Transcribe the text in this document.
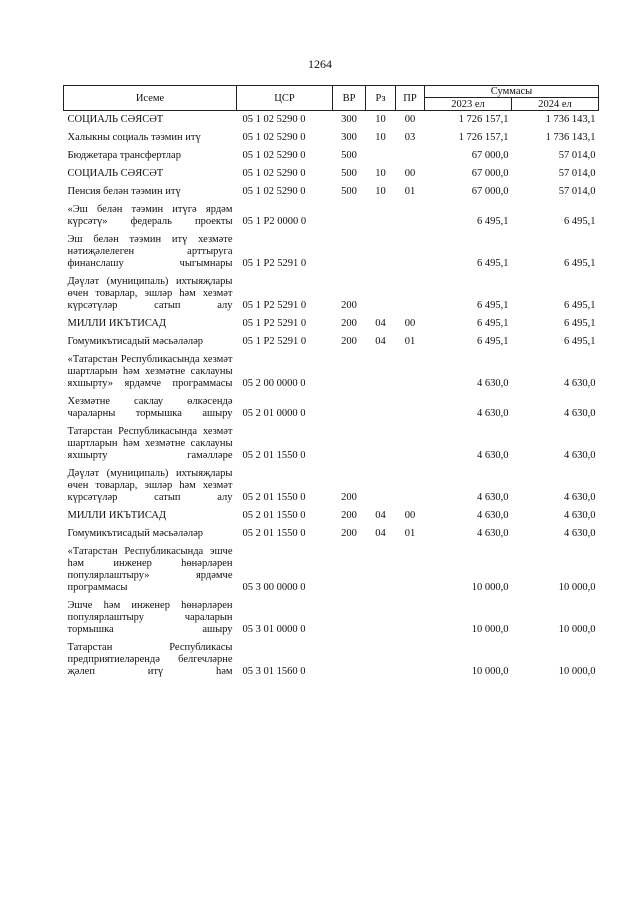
1264
Исеме	ЦСР	ВР	Рз	ПР	Суммасы	
					2023 ел	2024 ел
СОЦИАЛЬ СӘЯСӘТ	05 1 02 5290 0	300	10	00	1 726 157,1	1 736 143,1
Халыкны социаль тәэмин итү	05 1 02 5290 0	300	10	03	1 726 157,1	1 736 143,1
Бюджетара трансфертлар	05 1 02 5290 0	500			67 000,0	57 014,0
СОЦИАЛЬ СӘЯСӘТ	05 1 02 5290 0	500	10	00	67 000,0	57 014,0
Пенсия белән тәэмин итү	05 1 02 5290 0	500	10	01	67 000,0	57 014,0
«Эш белән тәэмин итүгә ярдәм күрсәтү» федераль проекты	05 1 Р2 0000 0				6 495,1	6 495,1
Эш белән тәэмин итү хезмәте нәтиҗәлелеген арттыруга финанслашу чыгымнары	05 1 Р2 5291 0				6 495,1	6 495,1
Дәүләт (муниципаль) ихтыяҗлары өчен товарлар, эшләр һәм хезмәт күрсәтүләр сатып алу	05 1 Р2 5291 0	200			6 495,1	6 495,1
МИЛЛИ ИКЪТИСАД	05 1 Р2 5291 0	200	04	00	6 495,1	6 495,1
Гомумикътисадый мәсьәләләр	05 1 Р2 5291 0	200	04	01	6 495,1	6 495,1
«Татарстан Республикасында хезмәт шартларын һәм хезмәтне саклауны яхшырту» ярдәмче программасы	05 2 00 0000 0				4 630,0	4 630,0
Хезмәтне саклау өлкәсендә чараларны тормышка ашыру	05 2 01 0000 0				4 630,0	4 630,0
Татарстан Республикасында хезмәт шартларын һәм хезмәтне саклауны яхшырту гамәлләре	05 2 01 1550 0				4 630,0	4 630,0
Дәүләт (муниципаль) ихтыяҗлары өчен товарлар, эшләр һәм хезмәт күрсәтүләр сатып алу	05 2 01 1550 0	200			4 630,0	4 630,0
МИЛЛИ ИКЪТИСАД	05 2 01 1550 0	200	04	00	4 630,0	4 630,0
Гомумикътисадый мәсьәләләр	05 2 01 1550 0	200	04	01	4 630,0	4 630,0
«Татарстан Республикасында эшче һәм инженер һөнәрләрен популярлаштыру» ярдәмче программасы	05 3 00 0000 0				10 000,0	10 000,0
Эшче һәм инженер һөнәрләрен популярлаштыру чараларын тормышка ашыру	05 3 01 0000 0				10 000,0	10 000,0
Татарстан Республикасы предприятиеләрендә белгечләрне җәлеп итү һәм	05 3 01 1560 0				10 000,0	10 000,0
